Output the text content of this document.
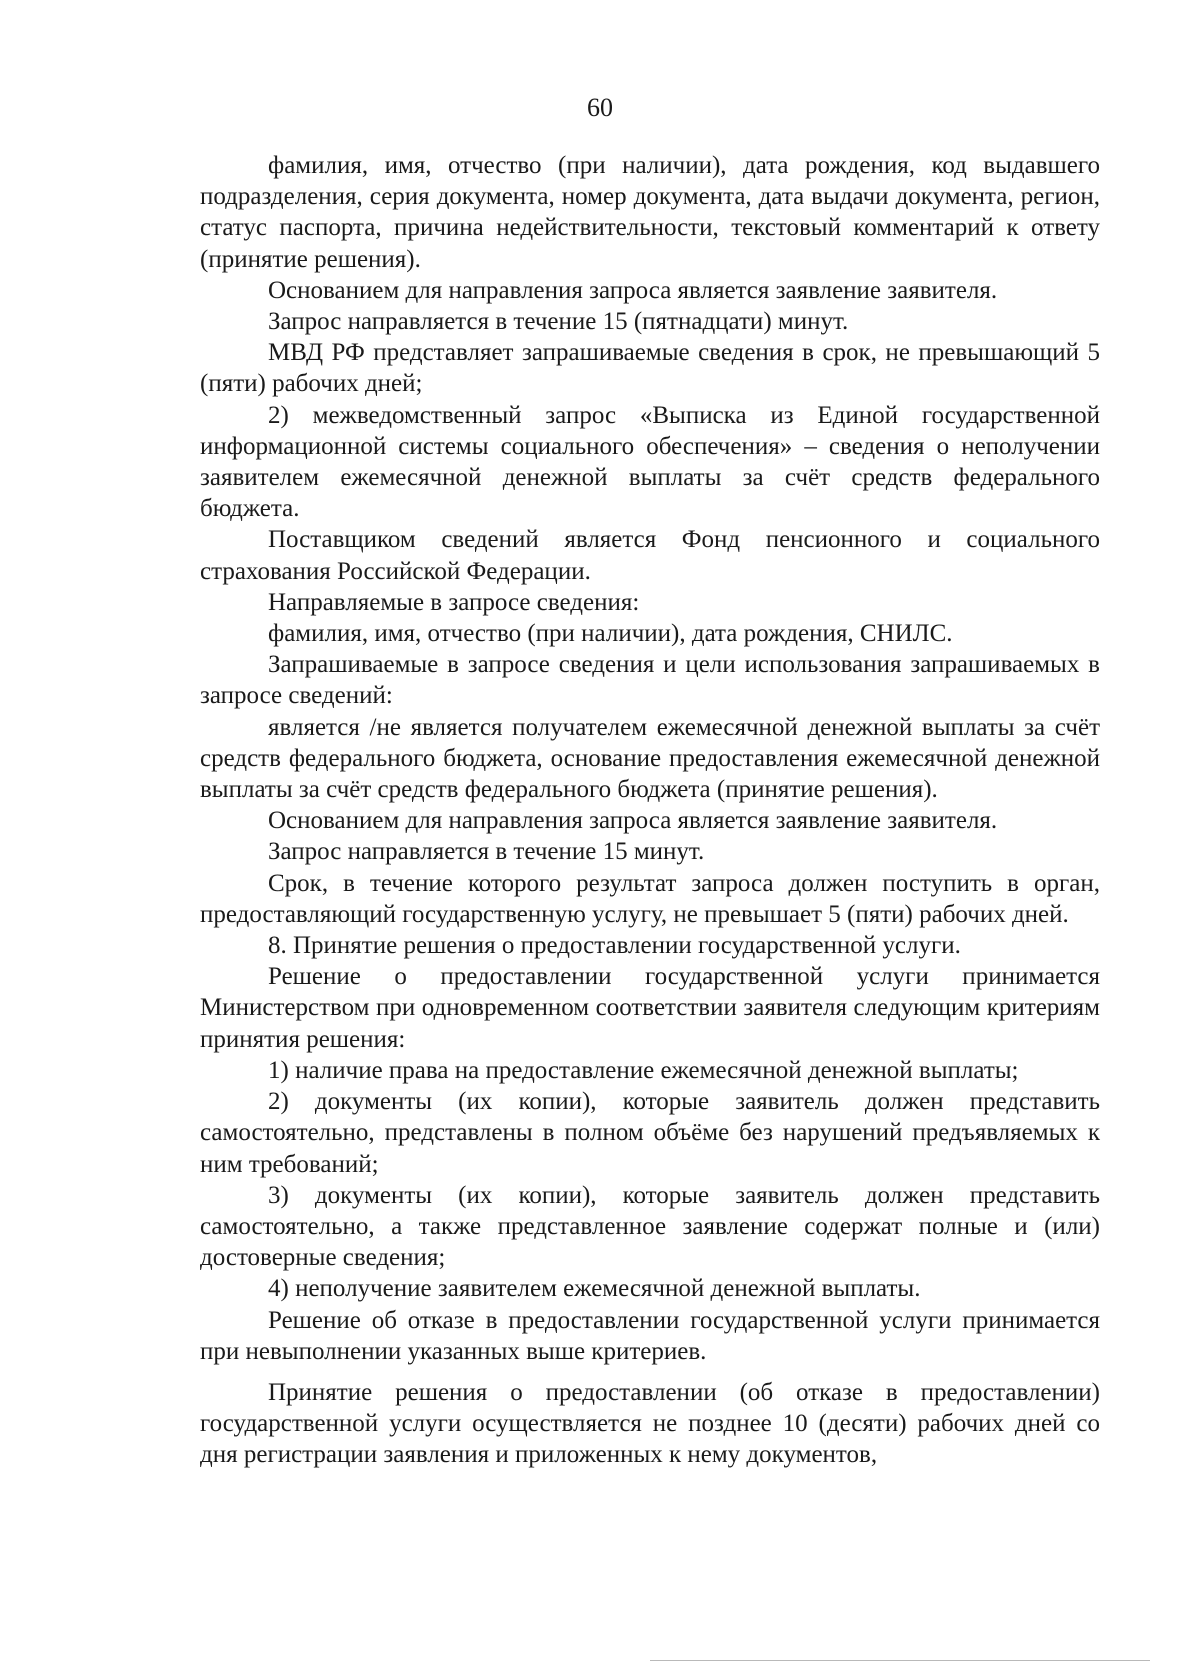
60

фамилия, имя, отчество (при наличии), дата рождения, код выдавшего подразделения, серия документа, номер документа, дата выдачи документа, регион, статус паспорта, причина недействительности, текстовый комментарий к ответу (принятие решения).

Основанием для направления запроса является заявление заявителя.

Запрос направляется в течение 15 (пятнадцати) минут.

МВД РФ представляет запрашиваемые сведения в срок, не превышающий 5 (пяти) рабочих дней;

2) межведомственный запрос «Выписка из Единой государственной информационной системы социального обеспечения» – сведения о неполучении заявителем ежемесячной денежной выплаты за счёт средств федерального бюджета.

Поставщиком сведений является Фонд пенсионного и социального страхования Российской Федерации.

Направляемые в запросе сведения:

фамилия, имя, отчество (при наличии), дата рождения, СНИЛС.

Запрашиваемые в запросе сведения и цели использования запрашиваемых в запросе сведений:

является /не является получателем ежемесячной денежной выплаты за счёт средств федерального бюджета, основание предоставления ежемесячной денежной выплаты за счёт средств федерального бюджета (принятие решения).

Основанием для направления запроса является заявление заявителя.

Запрос направляется в течение 15 минут.

Срок, в течение которого результат запроса должен поступить в орган, предоставляющий государственную услугу, не превышает 5 (пяти) рабочих дней.

8. Принятие решения о предоставлении государственной услуги.

Решение о предоставлении государственной услуги принимается Министерством при одновременном соответствии заявителя следующим критериям принятия решения:

1) наличие права на предоставление ежемесячной денежной выплаты;

2) документы (их копии), которые заявитель должен представить самостоятельно, представлены в полном объёме без нарушений предъявляемых к ним требований;

3) документы (их копии), которые заявитель должен представить самостоятельно, а также представленное заявление содержат полные и (или) достоверные сведения;

4) неполучение заявителем ежемесячной денежной выплаты.

Решение об отказе в предоставлении государственной услуги принимается при невыполнении указанных выше критериев.

Принятие решения о предоставлении (об отказе в предоставлении) государственной услуги осуществляется не позднее 10 (десяти) рабочих дней со дня регистрации заявления и приложенных к нему документов,
